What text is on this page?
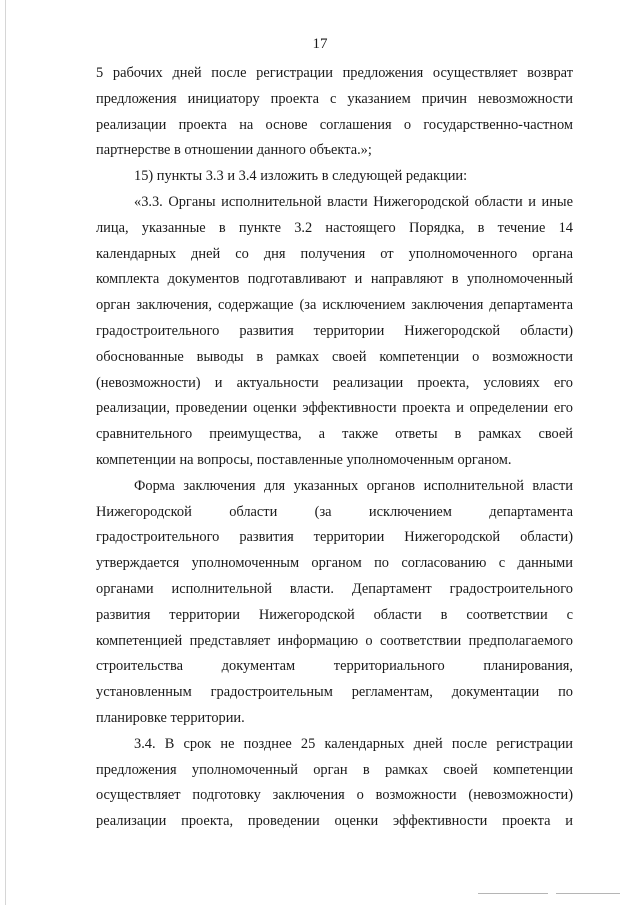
17
5 рабочих дней после регистрации предложения осуществляет возврат
предложения инициатору проекта с указанием причин невозможности
реализации проекта на основе соглашения о государственно-частном
партнерстве в отношении данного объекта.»;
15) пункты 3.3 и 3.4 изложить в следующей редакции:
«3.3. Органы исполнительной власти Нижегородской области и иные
лица, указанные в пункте 3.2 настоящего Порядка, в течение 14
календарных дней со дня получения от уполномоченного органа
комплекта документов подготавливают и направляют в уполномоченный
орган заключения, содержащие (за исключением заключения департамента
градостроительного развития территории Нижегородской области)
обоснованные выводы в рамках своей компетенции о возможности
(невозможности) и актуальности реализации проекта, условиях его
реализации, проведении оценки эффективности проекта и определении его
сравнительного преимущества, а также ответы в рамках своей
компетенции на вопросы, поставленные уполномоченным органом.
Форма заключения для указанных органов исполнительной власти
Нижегородской области (за исключением департамента
градостроительного развития территории Нижегородской области)
утверждается уполномоченным органом по согласованию с данными
органами исполнительной власти. Департамент градостроительного
развития территории Нижегородской области в соответствии с
компетенцией представляет информацию о соответствии предполагаемого
строительства документам территориального планирования,
установленным градостроительным регламентам, документации по
планировке территории.
3.4. В срок не позднее 25 календарных дней после регистрации
предложения уполномоченный орган в рамках своей компетенции
осуществляет подготовку заключения о возможности (невозможности)
реализации проекта, проведении оценки эффективности проекта и
